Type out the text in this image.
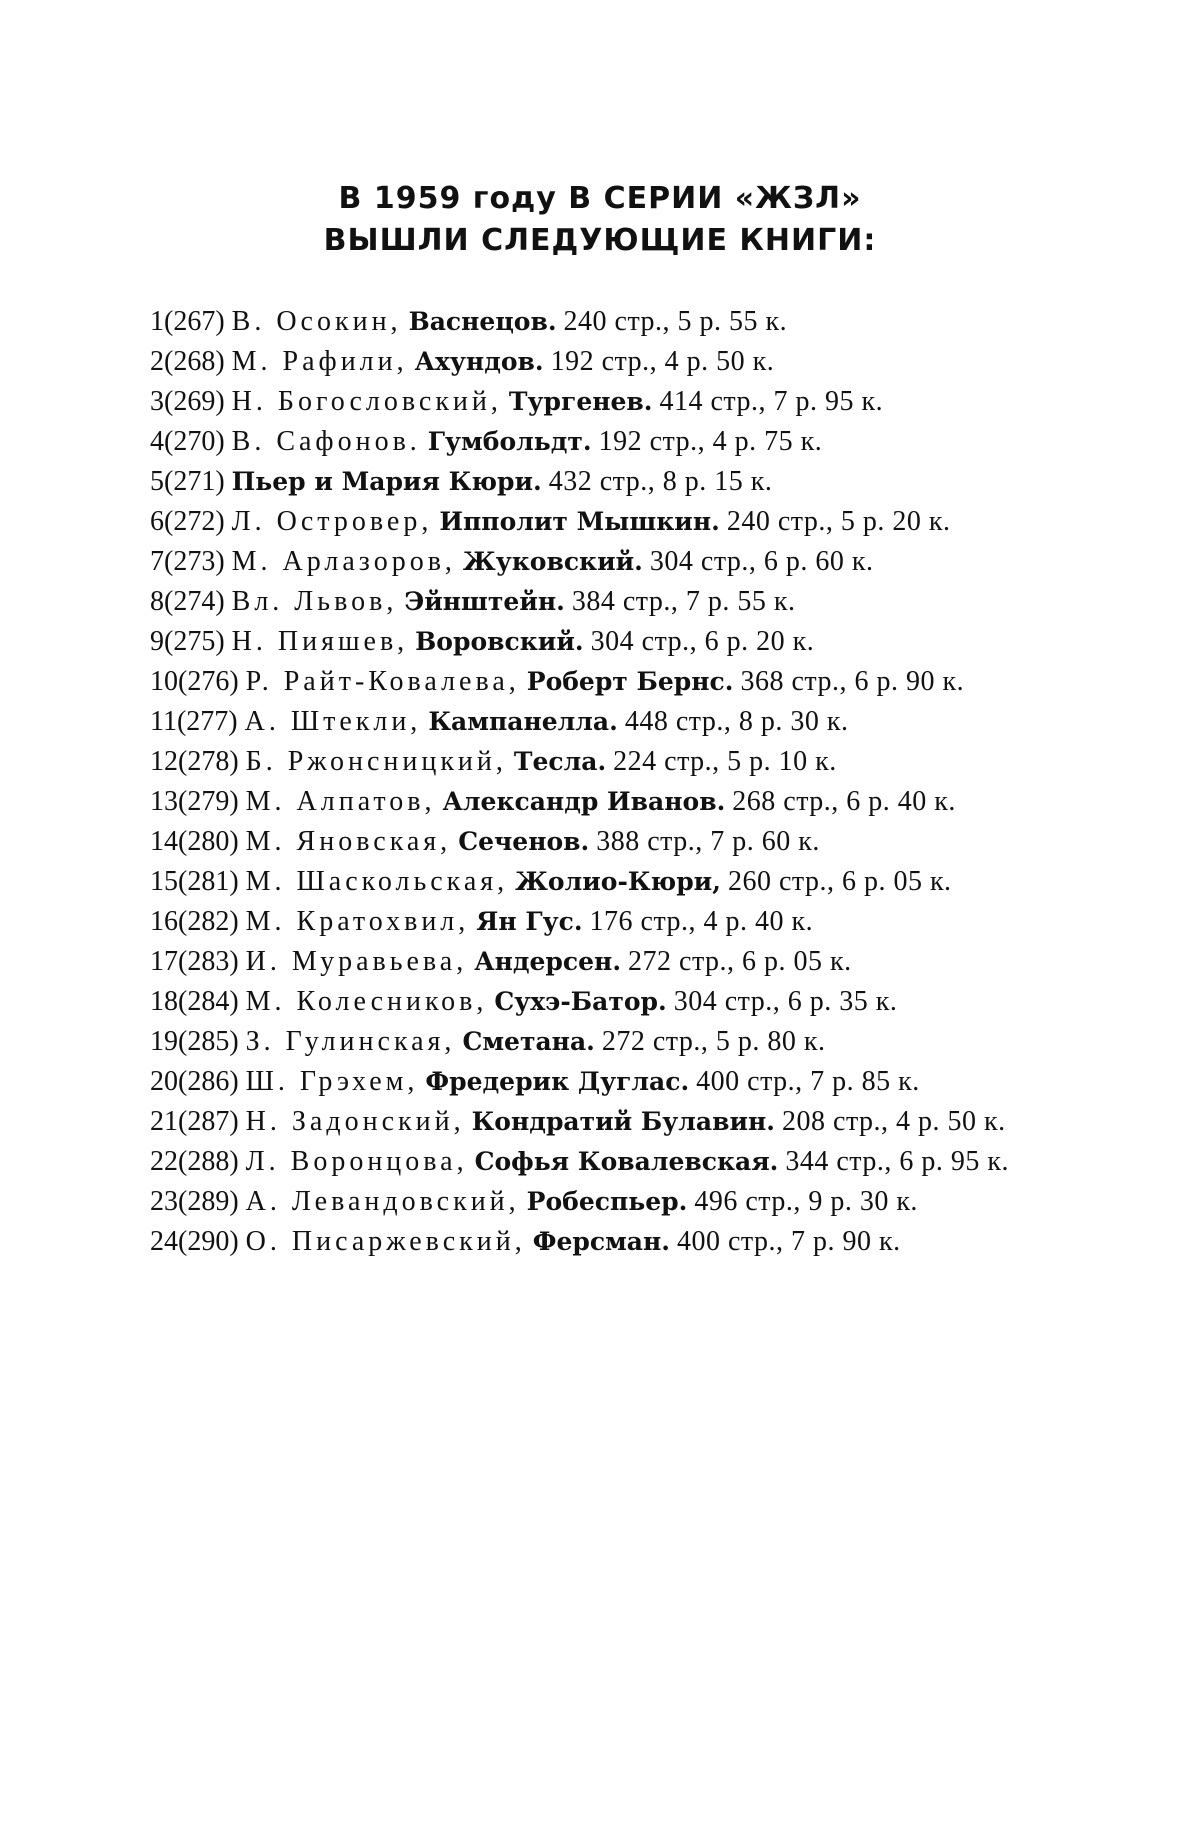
В 1959 году В СЕРИИ «ЖЗЛ»
ВЫШЛИ СЛЕДУЮЩИЕ КНИГИ:
1(267) В. Осокин, Васнецов. 240 стр., 5 р. 55 к.
2(268) М. Рафили, Ахундов. 192 стр., 4 р. 50 к.
3(269) Н. Богословский, Тургенев. 414 стр., 7 р. 95 к.
4(270) В. Сафонов. Гумбольдт. 192 стр., 4 р. 75 к.
5(271) Пьер и Мария Кюри. 432 стр., 8 р. 15 к.
6(272) Л. Островер, Ипполит Мышкин. 240 стр., 5 р. 20 к.
7(273) М. Арлазоров, Жуковский. 304 стр., 6 р. 60 к.
8(274) Вл. Львов, Эйнштейн. 384 стр., 7 р. 55 к.
9(275) Н. Пияшев, Воровский. 304 стр., 6 р. 20 к.
10(276) Р. Райт-Ковалева, Роберт Бернс. 368 стр., 6 р. 90 к.
11(277) А. Штекли, Кампанелла. 448 стр., 8 р. 30 к.
12(278) Б. Ржонсницкий, Тесла. 224 стр., 5 р. 10 к.
13(279) М. Алпатов, Александр Иванов. 268 стр., 6 р. 40 к.
14(280) М. Яновская, Сеченов. 388 стр., 7 р. 60 к.
15(281) М. Шаскольская, Жолио-Кюри, 260 стр., 6 р. 05 к.
16(282) М. Кратохвил, Ян Гус. 176 стр., 4 р. 40 к.
17(283) И. Муравьева, Андерсен. 272 стр., 6 р. 05 к.
18(284) М. Колесников, Сухэ-Батор. 304 стр., 6 р. 35 к.
19(285) З. Гулинская, Сметана. 272 стр., 5 р. 80 к.
20(286) Ш. Грэхем, Фредерик Дуглас. 400 стр., 7 р. 85 к.
21(287) Н. Задонский, Кондратий Булавин. 208 стр., 4 р. 50 к.
22(288) Л. Воронцова, Софья Ковалевская. 344 стр., 6 р. 95 к.
23(289) А. Левандовский, Робеспьер. 496 стр., 9 р. 30 к.
24(290) О. Писаржевский, Ферсман. 400 стр., 7 р. 90 к.
